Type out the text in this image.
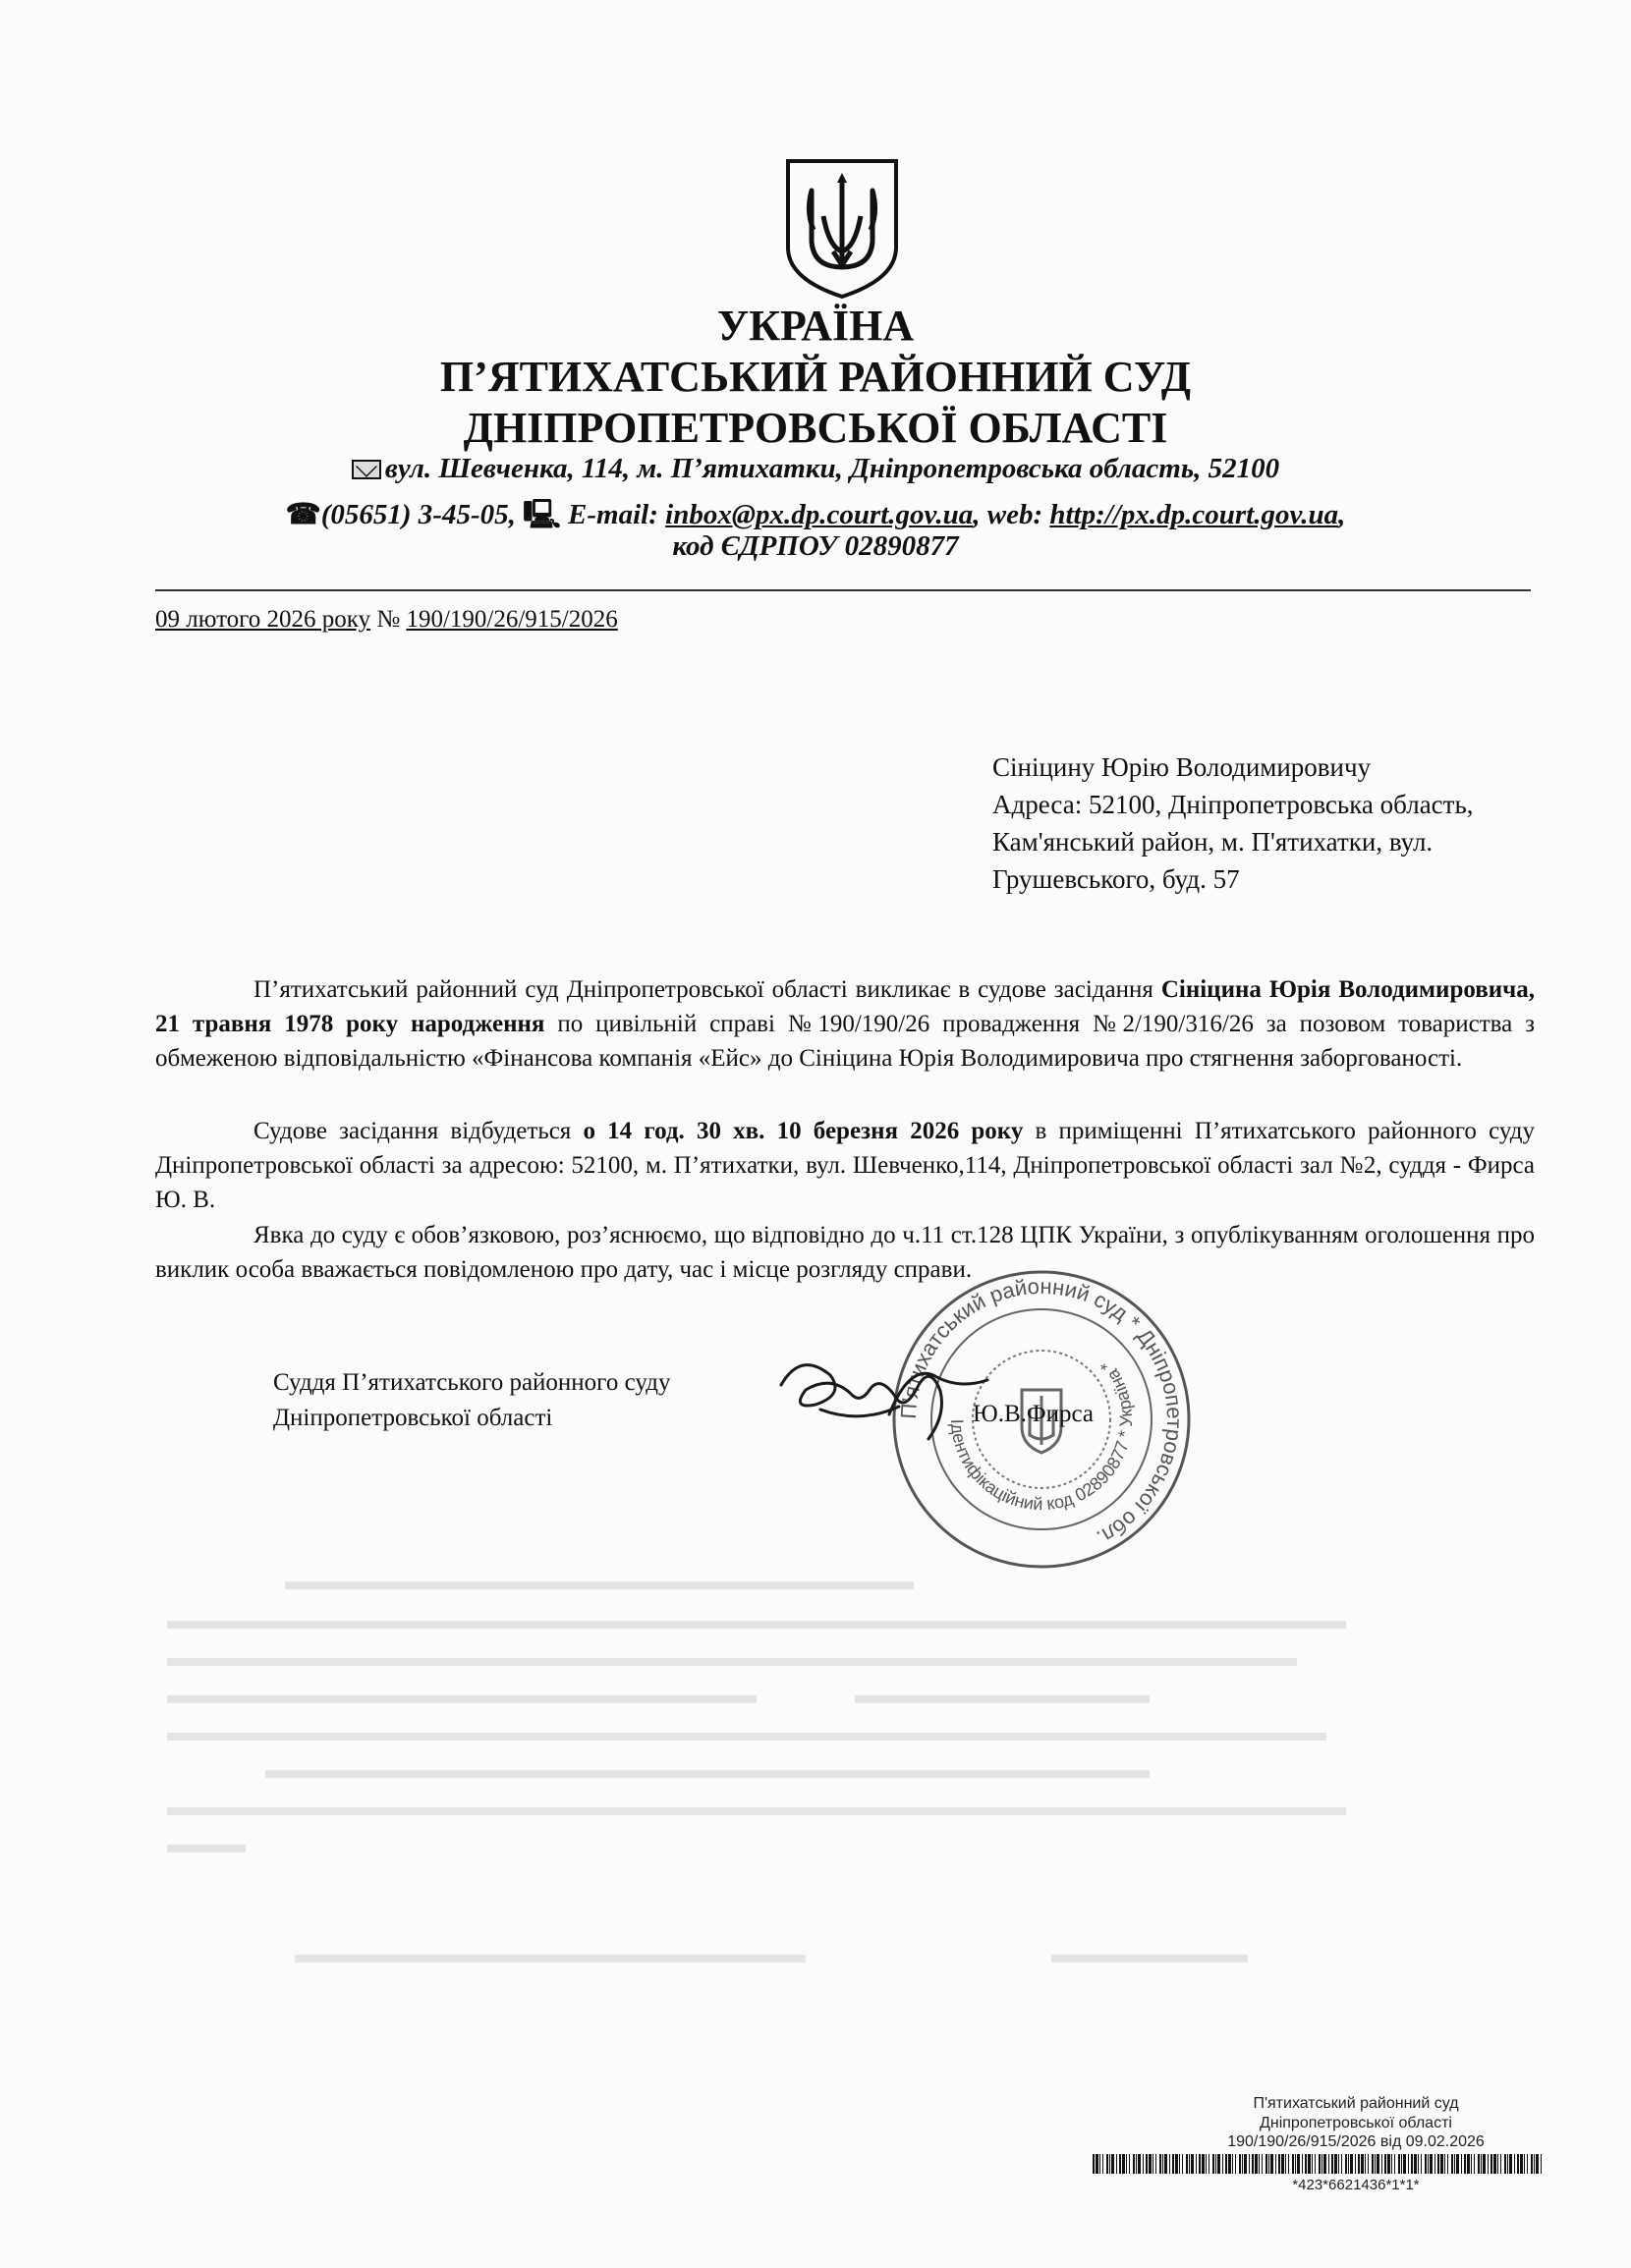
УКРАЇНА
П’ЯТИХАТСЬКИЙ РАЙОННИЙ СУД
ДНІПРОПЕТРОВСЬКОЇ ОБЛАСТІ
вул. Шевченка, 114, м. П’ятихатки, Дніпропетровська область, 52100
☎(05651) 3-45-05, 🖳 E-mail: inbox@px.dp.court.gov.ua, web: http://px.dp.court.gov.ua,
код ЄДРПОУ 02890877
09 лютого 2026 року № 190/190/26/915/2026
Сініцину Юрію Володимировичу
Адреса: 52100, Дніпропетровська область, Кам'янський район, м. П'ятихатки, вул. Грушевського, буд. 57
П’ятихатський районний суд Дніпропетровської області викликає в судове засідання Сініцина Юрія Володимировича, 21 травня 1978 року народження по цивільній справі №190/190/26 провадження №2/190/316/26 за позовом товариства з обмеженою відповідальністю «Фінансова компанія «Ейс» до Сініцина Юрія Володимировича про стягнення заборгованості.
Судове засідання відбудеться о 14 год. 30 хв. 10 березня 2026 року в приміщенні П’ятихатського районного суду Дніпропетровської області за адресою: 52100, м. П’ятихатки, вул. Шевченко,114, Дніпропетровської області зал №2, суддя - Фирса Ю. В.
Явка до суду є обов’язковою, роз’яснюємо, що відповідно до ч.11 ст.128 ЦПК України, з опублікуванням оголошення про виклик особа вважається повідомленою про дату, час і місце розгляду справи.
П’ятихатський районний суд * Дніпропетровської обл.
Ідентифікаційний код 02890877 * Україна *
Суддя П’ятихатського районного суду
Дніпропетровської області	Ю.В.Фирса
П'ятихатський районний суд
Дніпропетровської області
190/190/26/915/2026 від 09.02.2026
*423*6621436*1*1*
